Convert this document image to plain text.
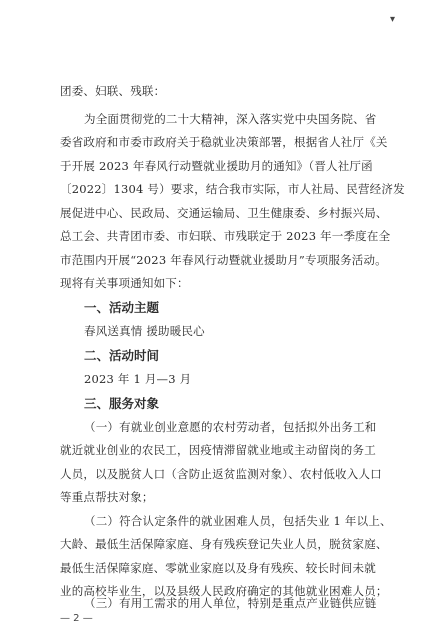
▾
团委、妇联、残联：
为全面贯彻党的二十大精神，深入落实党中央国务院、省
委省政府和市委市政府关于稳就业决策部署，根据省人社厅《关
于开展 2023 年春风行动暨就业援助月的通知》（晋人社厅函
〔2022〕1304 号）要求，结合我市实际，市人社局、民营经济发
展促进中心、民政局、交通运输局、卫生健康委、乡村振兴局、
总工会、共青团市委、市妇联、市残联定于 2023 年一季度在全
市范围内开展“2023 年春风行动暨就业援助月”专项服务活动。
现将有关事项通知如下：
一、活动主题
春风送真情 援助暖民心
二、活动时间
2023 年 1 月—3 月
三、服务对象
（一）有就业创业意愿的农村劳动者，包括拟外出务工和
就近就业创业的农民工，因疫情滞留就业地或主动留岗的务工
人员，以及脱贫人口（含防止返贫监测对象）、农村低收入人口
等重点帮扶对象；
（二）符合认定条件的就业困难人员，包括失业 1 年以上、
大龄、最低生活保障家庭、身有残疾登记失业人员，脱贫家庭、
最低生活保障家庭、零就业家庭以及身有残疾、较长时间未就
业的高校毕业生，以及县级人民政府确定的其他就业困难人员；
（三）有用工需求的用人单位，特别是重点产业链供应链
— 2 —
